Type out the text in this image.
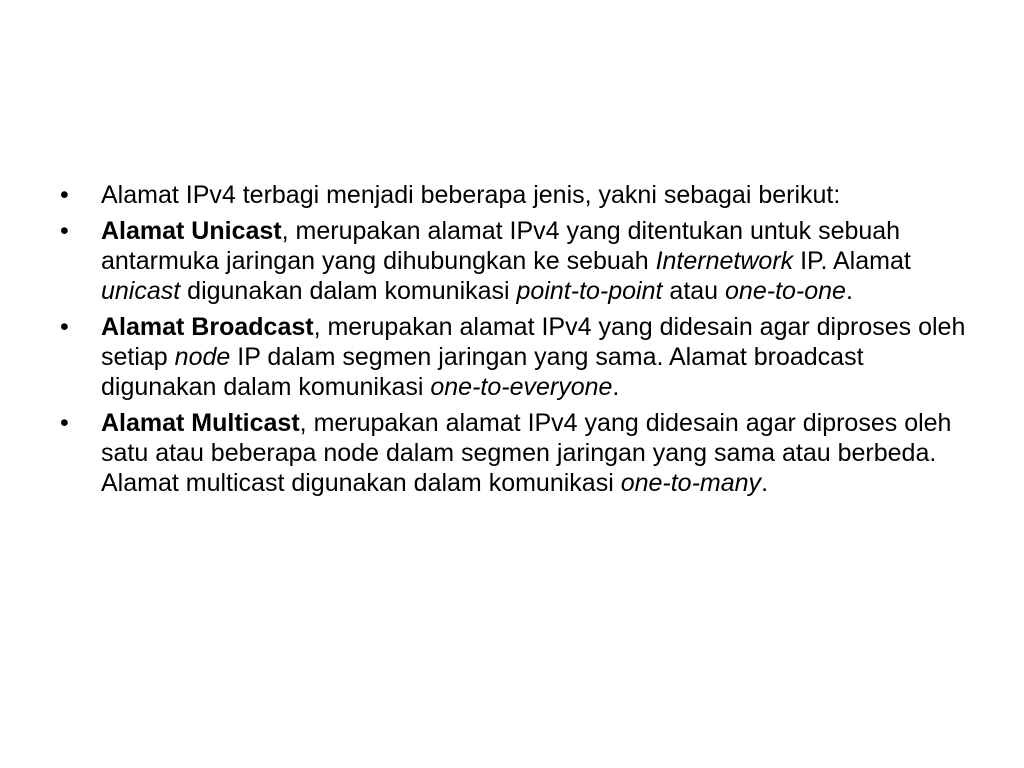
•	Alamat IPv4 terbagi menjadi beberapa jenis, yakni sebagai berikut:
•	Alamat Unicast, merupakan alamat IPv4 yang ditentukan untuk sebuah antarmuka jaringan yang dihubungkan ke sebuah Internetwork IP. Alamat unicast digunakan dalam komunikasi point-to-point atau one-to-one.
•	Alamat Broadcast, merupakan alamat IPv4 yang didesain agar diproses oleh setiap node IP dalam segmen jaringan yang sama. Alamat broadcast digunakan dalam komunikasi one-to-everyone.
•	Alamat Multicast, merupakan alamat IPv4 yang didesain agar diproses oleh satu atau beberapa node dalam segmen jaringan yang sama atau berbeda. Alamat multicast digunakan dalam komunikasi one-to-many.
